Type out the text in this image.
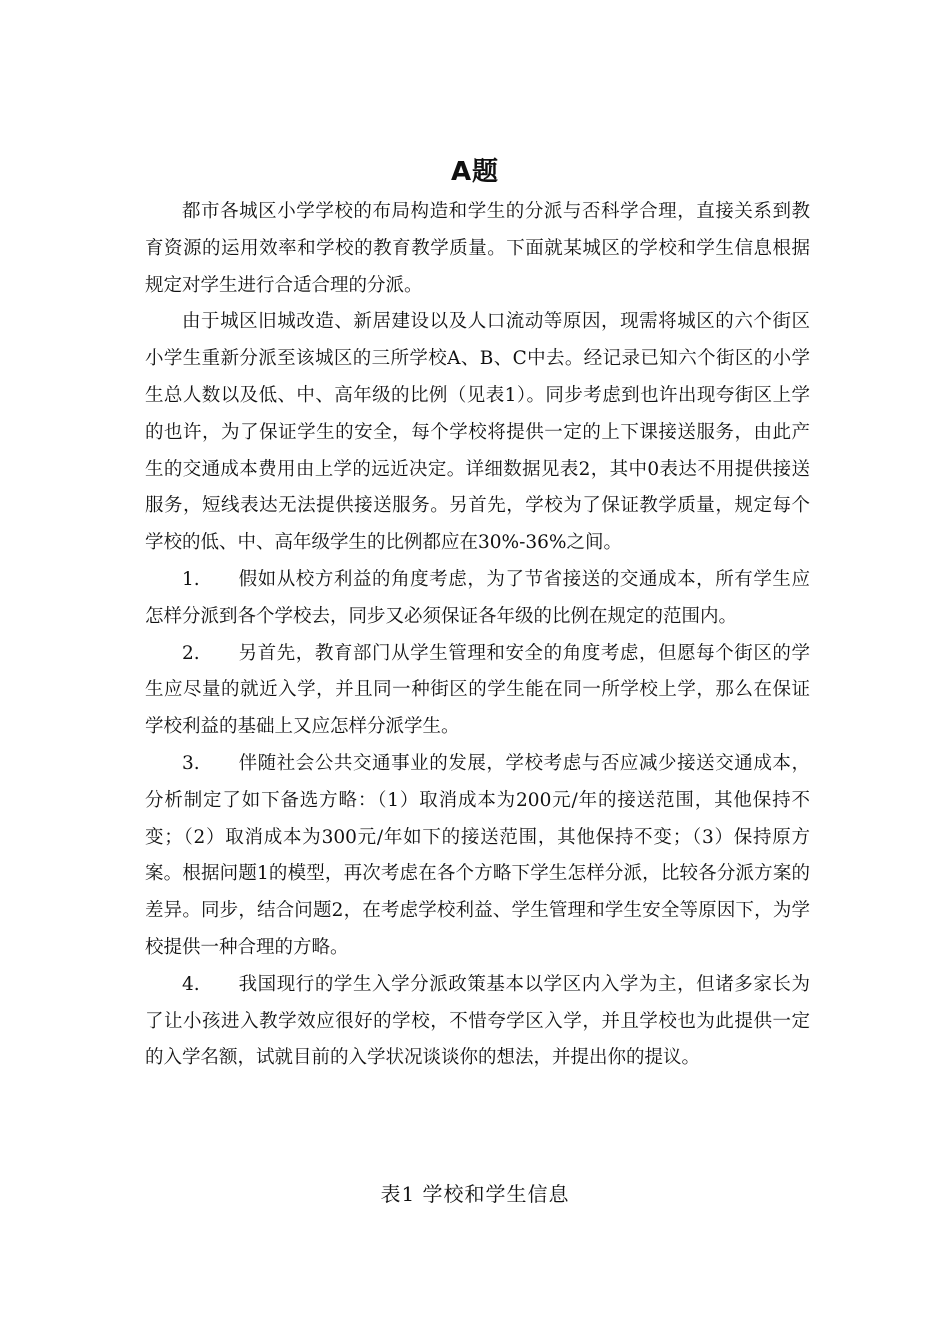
A题

都市各城区小学学校的布局构造和学生的分派与否科学合理，直接关系到教育资源的运用效率和学校的教育教学质量。下面就某城区的学校和学生信息根据规定对学生进行合适合理的分派。

由于城区旧城改造、新居建设以及人口流动等原因，现需将城区的六个街区小学生重新分派至该城区的三所学校A、B、C中去。经记录已知六个街区的小学生总人数以及低、中、高年级的比例（见表1）。同步考虑到也许出现夸街区上学的也许，为了保证学生的安全，每个学校将提供一定的上下课接送服务，由此产生的交通成本费用由上学的远近决定。详细数据见表2，其中0表达不用提供接送服务，短线表达无法提供接送服务。另首先，学校为了保证教学质量，规定每个学校的低、中、高年级学生的比例都应在30%-36%之间。

1. 假如从校方利益的角度考虑，为了节省接送的交通成本，所有学生应怎样分派到各个学校去，同步又必须保证各年级的比例在规定的范围内。

2. 另首先，教育部门从学生管理和安全的角度考虑，但愿每个街区的学生应尽量的就近入学，并且同一种街区的学生能在同一所学校上学，那么在保证学校利益的基础上又应怎样分派学生。

3. 伴随社会公共交通事业的发展，学校考虑与否应减少接送交通成本，分析制定了如下备选方略：（1）取消成本为200元/年的接送范围，其他保持不变；（2）取消成本为300元/年如下的接送范围，其他保持不变；（3）保持原方案。根据问题1的模型，再次考虑在各个方略下学生怎样分派，比较各分派方案的差异。同步，结合问题2，在考虑学校利益、学生管理和学生安全等原因下，为学校提供一种合理的方略。

4. 我国现行的学生入学分派政策基本以学区内入学为主，但诸多家长为了让小孩进入教学效应很好的学校，不惜夸学区入学，并且学校也为此提供一定的入学名额，试就目前的入学状况谈谈你的想法，并提出你的提议。

表1 学校和学生信息
